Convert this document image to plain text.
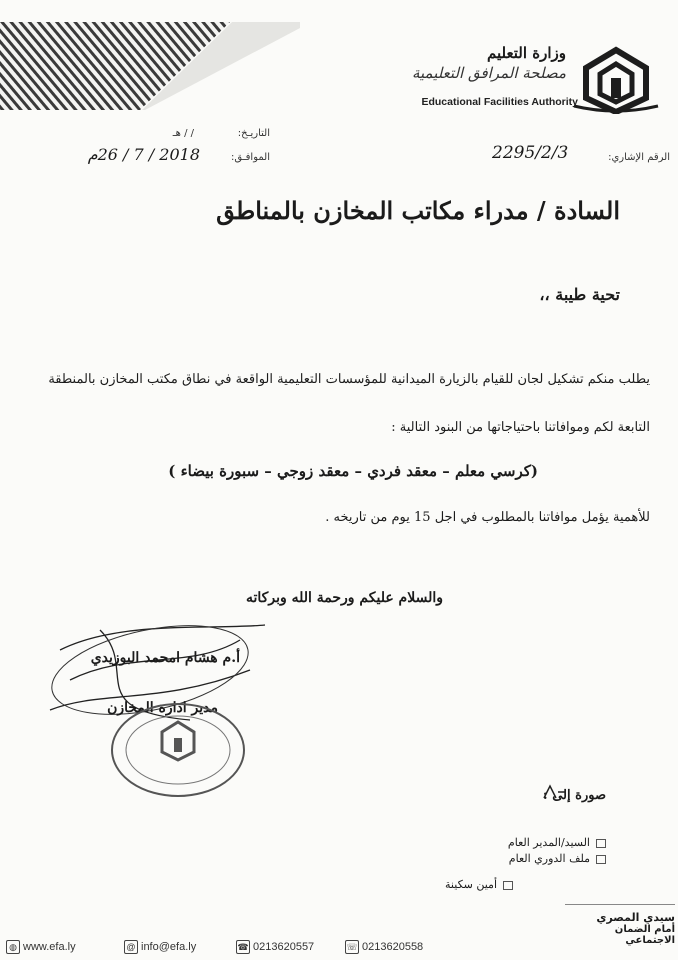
وزارة التعليم
مصلحة المرافق التعليمية
Educational Facilities Authority
التاريـخ:
/ / هـ
الموافـق:
2018 / 7 / 26م	الرقم الإشاري:
2295/2/3
السادة / مدراء مكاتب المخازن بالمناطق
تحية طيبة ،،
يطلب منكم تشكيل لجان للقيام بالزيارة الميدانية للمؤسسات التعليمية الواقعة في نطاق مكتب المخازن بالمنطقة
التابعة لكم وموافاتنا باحتياجاتها من البنود التالية :
(كرسي معلم – معقد فردي – معقد زوجي – سبورة بيضاء )
للأهمية يؤمل موافاتنا بالمطلوب في اجل 15 يوم من تاريخه .
والسلام عليكم ورحمة الله وبركاته
أ.م هشام امحمد البوزيدي
مدير ادارة المخازن
صورة إلى :
السيد/المدير العام
ملف الدوري العام
أمين سكينة
◍ www.efa.ly	@ info@efa.ly	☎ 0213620557	☏ 0213620558
سيدي المصري
أمام الضمان الاجتماعي
